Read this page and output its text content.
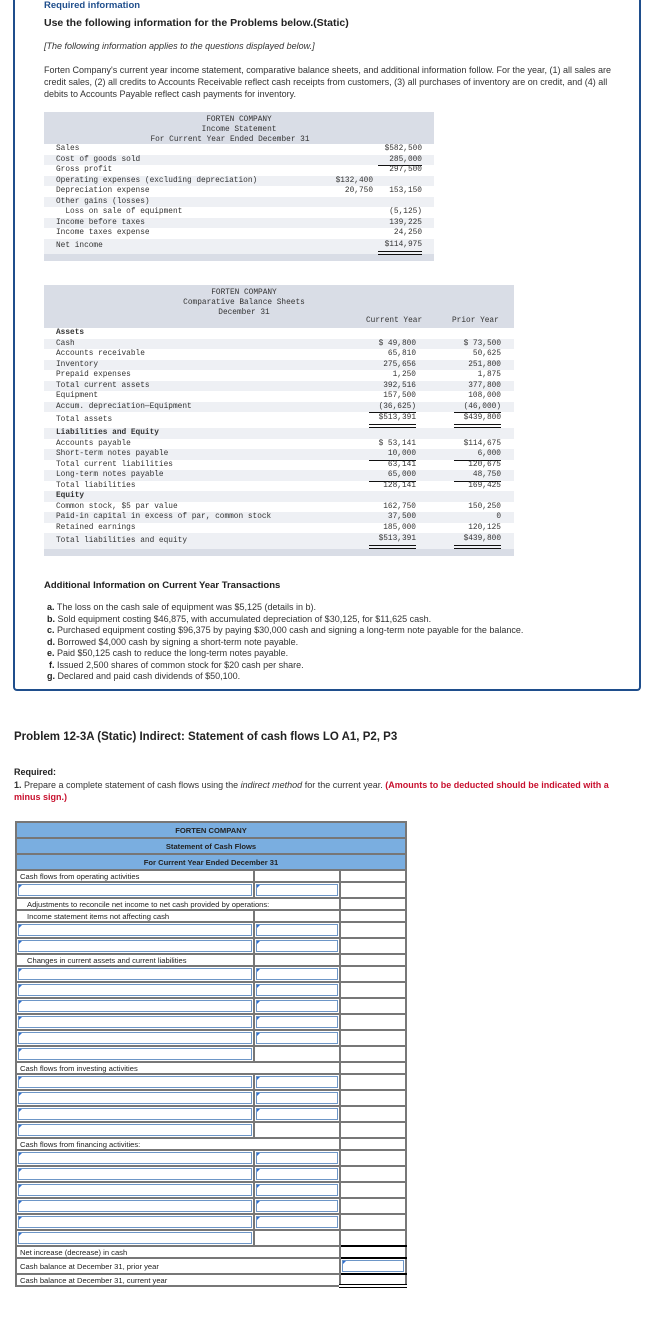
Required information
Use the following information for the Problems below.(Static)
[The following information applies to the questions displayed below.]
Forten Company's current year income statement, comparative balance sheets, and additional information follow. For the year, (1) all sales are credit sales, (2) all credits to Accounts Receivable reflect cash receipts from customers, (3) all purchases of inventory are on credit, and (4) all debits to Accounts Payable reflect cash payments for inventory.
FORTEN COMPANY
Income Statement
For Current Year Ended December 31
Sales	$582,500
Cost of goods sold	285,000
Gross profit	297,500
Operating expenses (excluding depreciation)	$132,400
Depreciation expense	20,750	153,150
Other gains (losses)
Loss on sale of equipment	(5,125)
Income before taxes	139,225
Income taxes expense	24,250
Net income	$114,975
FORTEN COMPANY
Comparative Balance Sheets
December 31
Current Year	Prior Year
Assets
Cash	$ 49,800	$ 73,500
Accounts receivable	65,810	50,625
Inventory	275,656	251,800
Prepaid expenses	1,250	1,875
Total current assets	392,516	377,800
Equipment	157,500	108,000
Accum. depreciation—Equipment	(36,625)	(46,000)
Total assets	$513,391	$439,800
Liabilities and Equity
Accounts payable	$ 53,141	$114,675
Short-term notes payable	10,000	6,000
Total current liabilities	63,141	120,675
Long-term notes payable	65,000	48,750
Total liabilities	128,141	169,425
Equity
Common stock, $5 par value	162,750	150,250
Paid-in capital in excess of par, common stock	37,500	0
Retained earnings	185,000	120,125
Total liabilities and equity	$513,391	$439,800
Additional Information on Current Year Transactions
a. The loss on the cash sale of equipment was $5,125 (details in b).
b. Sold equipment costing $46,875, with accumulated depreciation of $30,125, for $11,625 cash.
c. Purchased equipment costing $96,375 by paying $30,000 cash and signing a long-term note payable for the balance.
d. Borrowed $4,000 cash by signing a short-term note payable.
e. Paid $50,125 cash to reduce the long-term notes payable.
f. Issued 2,500 shares of common stock for $20 cash per share.
g. Declared and paid cash dividends of $50,100.
Problem 12-3A (Static) Indirect: Statement of cash flows LO A1, P2, P3
Required:
1. Prepare a complete statement of cash flows using the indirect method for the current year. (Amounts to be deducted should be indicated with a minus sign.)
FORTEN COMPANY		
Statement of Cash Flows		
For Current Year Ended December 31		
Cash flows from operating activities		

Adjustments to reconcile net income to net cash provided by operations:		
Income statement items not affecting cash		

Changes in current assets and current liabilities		

Cash flows from investing activities		

Cash flows from financing activities:		

Net increase (decrease) in cash		
Cash balance at December 31, prior year		

Cash balance at December 31, current year		
